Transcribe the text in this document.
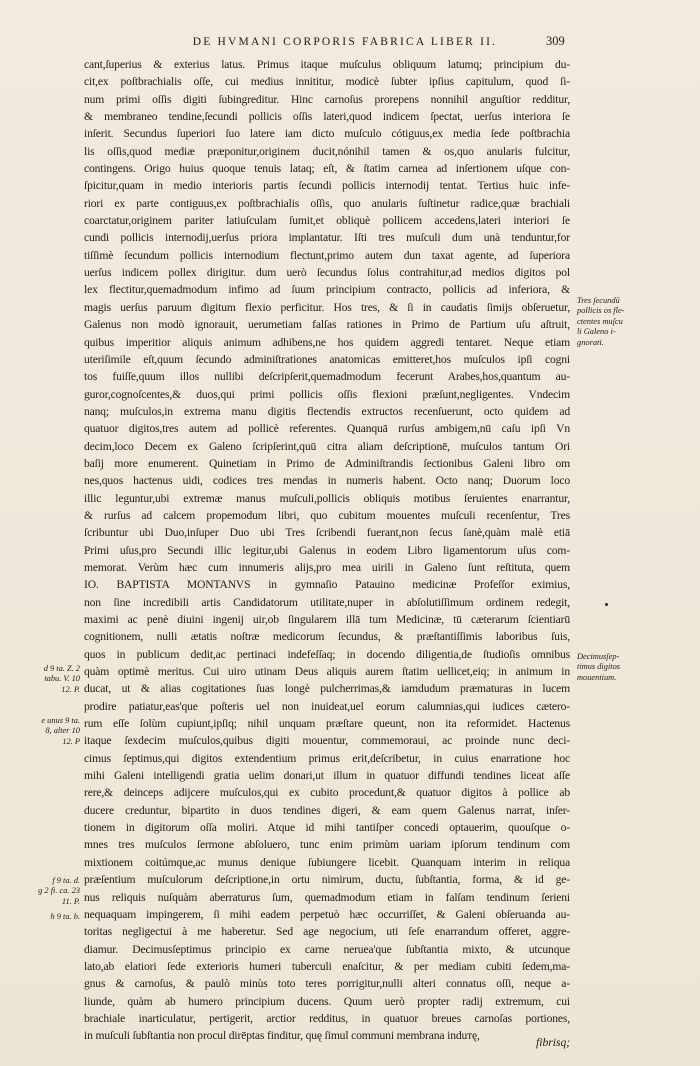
DE HVMANI CORPORIS FABRICA LIBER II.	309
cant,ſuperius & exterius latus. Primus itaque muſculus obliquum latumq; principium du-
cit,ex poſtbrachialis oſſe, cui medius innititur, modicè ſubter ipſius capitulum, quod ſi-
num primi oſſis digiti ſubingreditur. Hinc carnoſus prorepens nonnihil anguſtior redditur,
& membraneo tendine,ſecundi pollicis oſſis lateri,quod indicem ſpectat, uerſus interiora ſe
inſerit. Secundus ſuperiori ſuo latere iam dicto muſculo cótiguus,ex media ſede poſtbrachia
lis oſſis,quod mediæ præponitur,originem ducit,nónihil tamen & os,quo anularis fulcitur,
contingens. Origo huius quoque tenuis lataq; eſt, & ſtatim carnea ad inſertionem uſque con-
ſpicitur,quam in medio interioris partis ſecundi pollicis internodij tentat. Tertius huic infe-
riori ex parte contiguus,ex poſtbrachialis oſſis, quo anularis ſuſtinetur radice,quæ brachiali
coarctatur,originem pariter latiuſculam ſumit,et obliquè pollicem accedens,lateri interiori ſe
cundi pollicis internodij,uerſus priora implantatur. Iſti tres muſculi dum unà tenduntur,for
tiſſimè ſecundum pollicis internodium flectunt,primo autem dun taxat agente, ad ſuperiora
uerſus indicem pollex dirigitur. dum uerò ſecundus ſolus contrahitur,ad medios digitos pol
lex flectitur,quemadmodum infimo ad ſuum principium contracto, pollicis ad inferiora, &
magis uerſus paruum digitum flexio perficitur. Hos tres, & ſi in caudatis ſimijs obſeruetur,
Galenus non modò ignorauit, uerumetiam falſas rationes in Primo de Partium uſu aſtruit,
quibus imperitior aliquis animum adhibens,ne hos quidem aggredi tentaret. Neque etiam
uteriſimile eſt,quum ſecundo adminiſtrationes anatomicas emitteret,hos muſculos ipſi cogni
tos fuiſſe,quum illos nullibi deſcripſerit,quemadmodum fecerunt Arabes,hos,quantum au-
guror,cognoſcentes,& duos,qui primi pollicis oſſis flexioni præſunt,negligentes. Vndecim
nanq; muſculos,in extrema manu digitis flectendis extructos recenſuerunt, octo quidem ad
quatuor digitos,tres autem ad pollicè referentes. Quanquā rurſus ambigem,nū caſu ipſi Vn
decim,loco Decem ex Galeno ſcripſerint,quū citra aliam deſcriptionē, muſculos tantum Ori
baſij more enumerent. Quinetiam in Primo de Adminiſtrandis ſectionibus Galeni libro om
nes,quos hactenus uidi, codices tres mendas in numeris habent. Octo nanq; Duorum loco
illic leguntur,ubi extremæ manus muſculi,pollicis obliquis motibus ſeruientes enarrantur,
& rurſus ad calcem propemodum libri, quo cubitum mouentes muſculi recenſentur, Tres
ſcribuntur ubi Duo,inſuper Duo ubi Tres ſcribendi fuerant,non ſecus ſanè,quàm malè etiā
Primi uſus,pro Secundi illic legitur,ubi Galenus in eodem Libro ligamentorum uſus com-
memorat. Verùm hæc cum innumeris alijs,pro mea uirili in Galeno ſunt reſtituta, quem
IO. BAPTISTA MONTANVS in gymnaſio Patauino medicinæ Profeſſor eximius,
non ſine incredibili artis Candidatorum utilitate,nuper in abſolutiſſimum ordinem redegit,
maximi ac penè diuini ingenij uir,ob ſingularem illā tum Medicinæ, tū cæterarum ſcientiarū
cognitionem, nulli ætatis noſtræ medicorum ſecundus, & præſtantiſſimis laboribus ſuis,
quos in publicum dedit,ac pertinaci indefeſſaq; in docendo diligentia,de ſtudioſis omnibus
quàm optimè meritus. Cui uiro utinam Deus aliquis aurem ſtatim uellicet,eiq; in animum in
ducat, ut & alias cogitationes ſuas longè pulcherrimas,& iamdudum præmaturas in lucem
prodire patiatur,eas'que poſteris uel non inuideat,uel eorum calumnias,qui iudices cætero-
rum eſſe ſolùm cupiunt,ipſiq; nihil unquam præſtare queunt, non ita reformidet. Hactenus
itaque ſexdecim muſculos,quibus digiti mouentur, commemoraui, ac proinde nunc deci-
cimus ſeptimus,qui digitos extendentium primus erit,deſcribetur, in cuius enarratione hoc
mihi Galeni intelligendi gratia uelim donari,ut illum in quatuor diffundi tendines liceat aſſe
rere,& deinceps adijcere muſculos,qui ex cubito procedunt,& quatuor digitos à pollice ab
ducere creduntur, bipartito in duos tendines digeri, & eam quem Galenus narrat, inſer-
tionem in digitorum oſſa moliri. Atque id mihi tantiſper concedi optauerim, quouſque o-
mnes tres muſculos ſermone abſoluero, tunc enim primùm uariam ipſorum tendinum com
mixtionem coitúmque,ac munus denique ſubiungere licebit. Quanquam interim in reliqua
præſentium muſculorum deſcriptione,in ortu nimirum, ductu, ſubſtantia, forma, & id ge-
nus reliquis nuſquàm aberraturus ſum, quemadmodum etiam in falſam tendinum ſerieni
nequaquam impingerem, ſi mihi eadem perpetuò hæc occurriſſet, & Galeni obſeruanda au-
toritas negligectui à me haberetur. Sed age negocium, uti ſeſe enarrandum offeret, aggre-
diamur. Decimusſeptimus principio ex carne neruea'que ſubſtantia mixto, & utcunque
lato,ab elatiori ſede exterioris humeri tuberculi enaſcitur, & per mediam cubiti ſedem,ma-
gnus & carnoſus, & paulò minùs toto teres porrigitur,nulli alteri connatus oſſi, neque a-
liunde, quàm ab humero principium ducens. Quum uerò propter radij extremum, cui
brachiale inarticulatur, pertigerit, arctior redditus, in quatuor breues carnoſas portiones,
in muſculi ſubſtantia non procul dirēptas finditur, quę ſimul communi membrana induтę,
fibrisq;
Tres ſecundū
pollicis os fle-
ctentes muſcu
li Galeno i-
gnorati.
Decimusſep-
timus digitos
mouentium.
d 9 ta. Z. 2
tabu. V. 10
12. P.
e unus 9 ta.
8, alter 10
12. P
f 9 ta. d.
g 2 fi. ca. 23
11. P.
h 9 ta. b.
